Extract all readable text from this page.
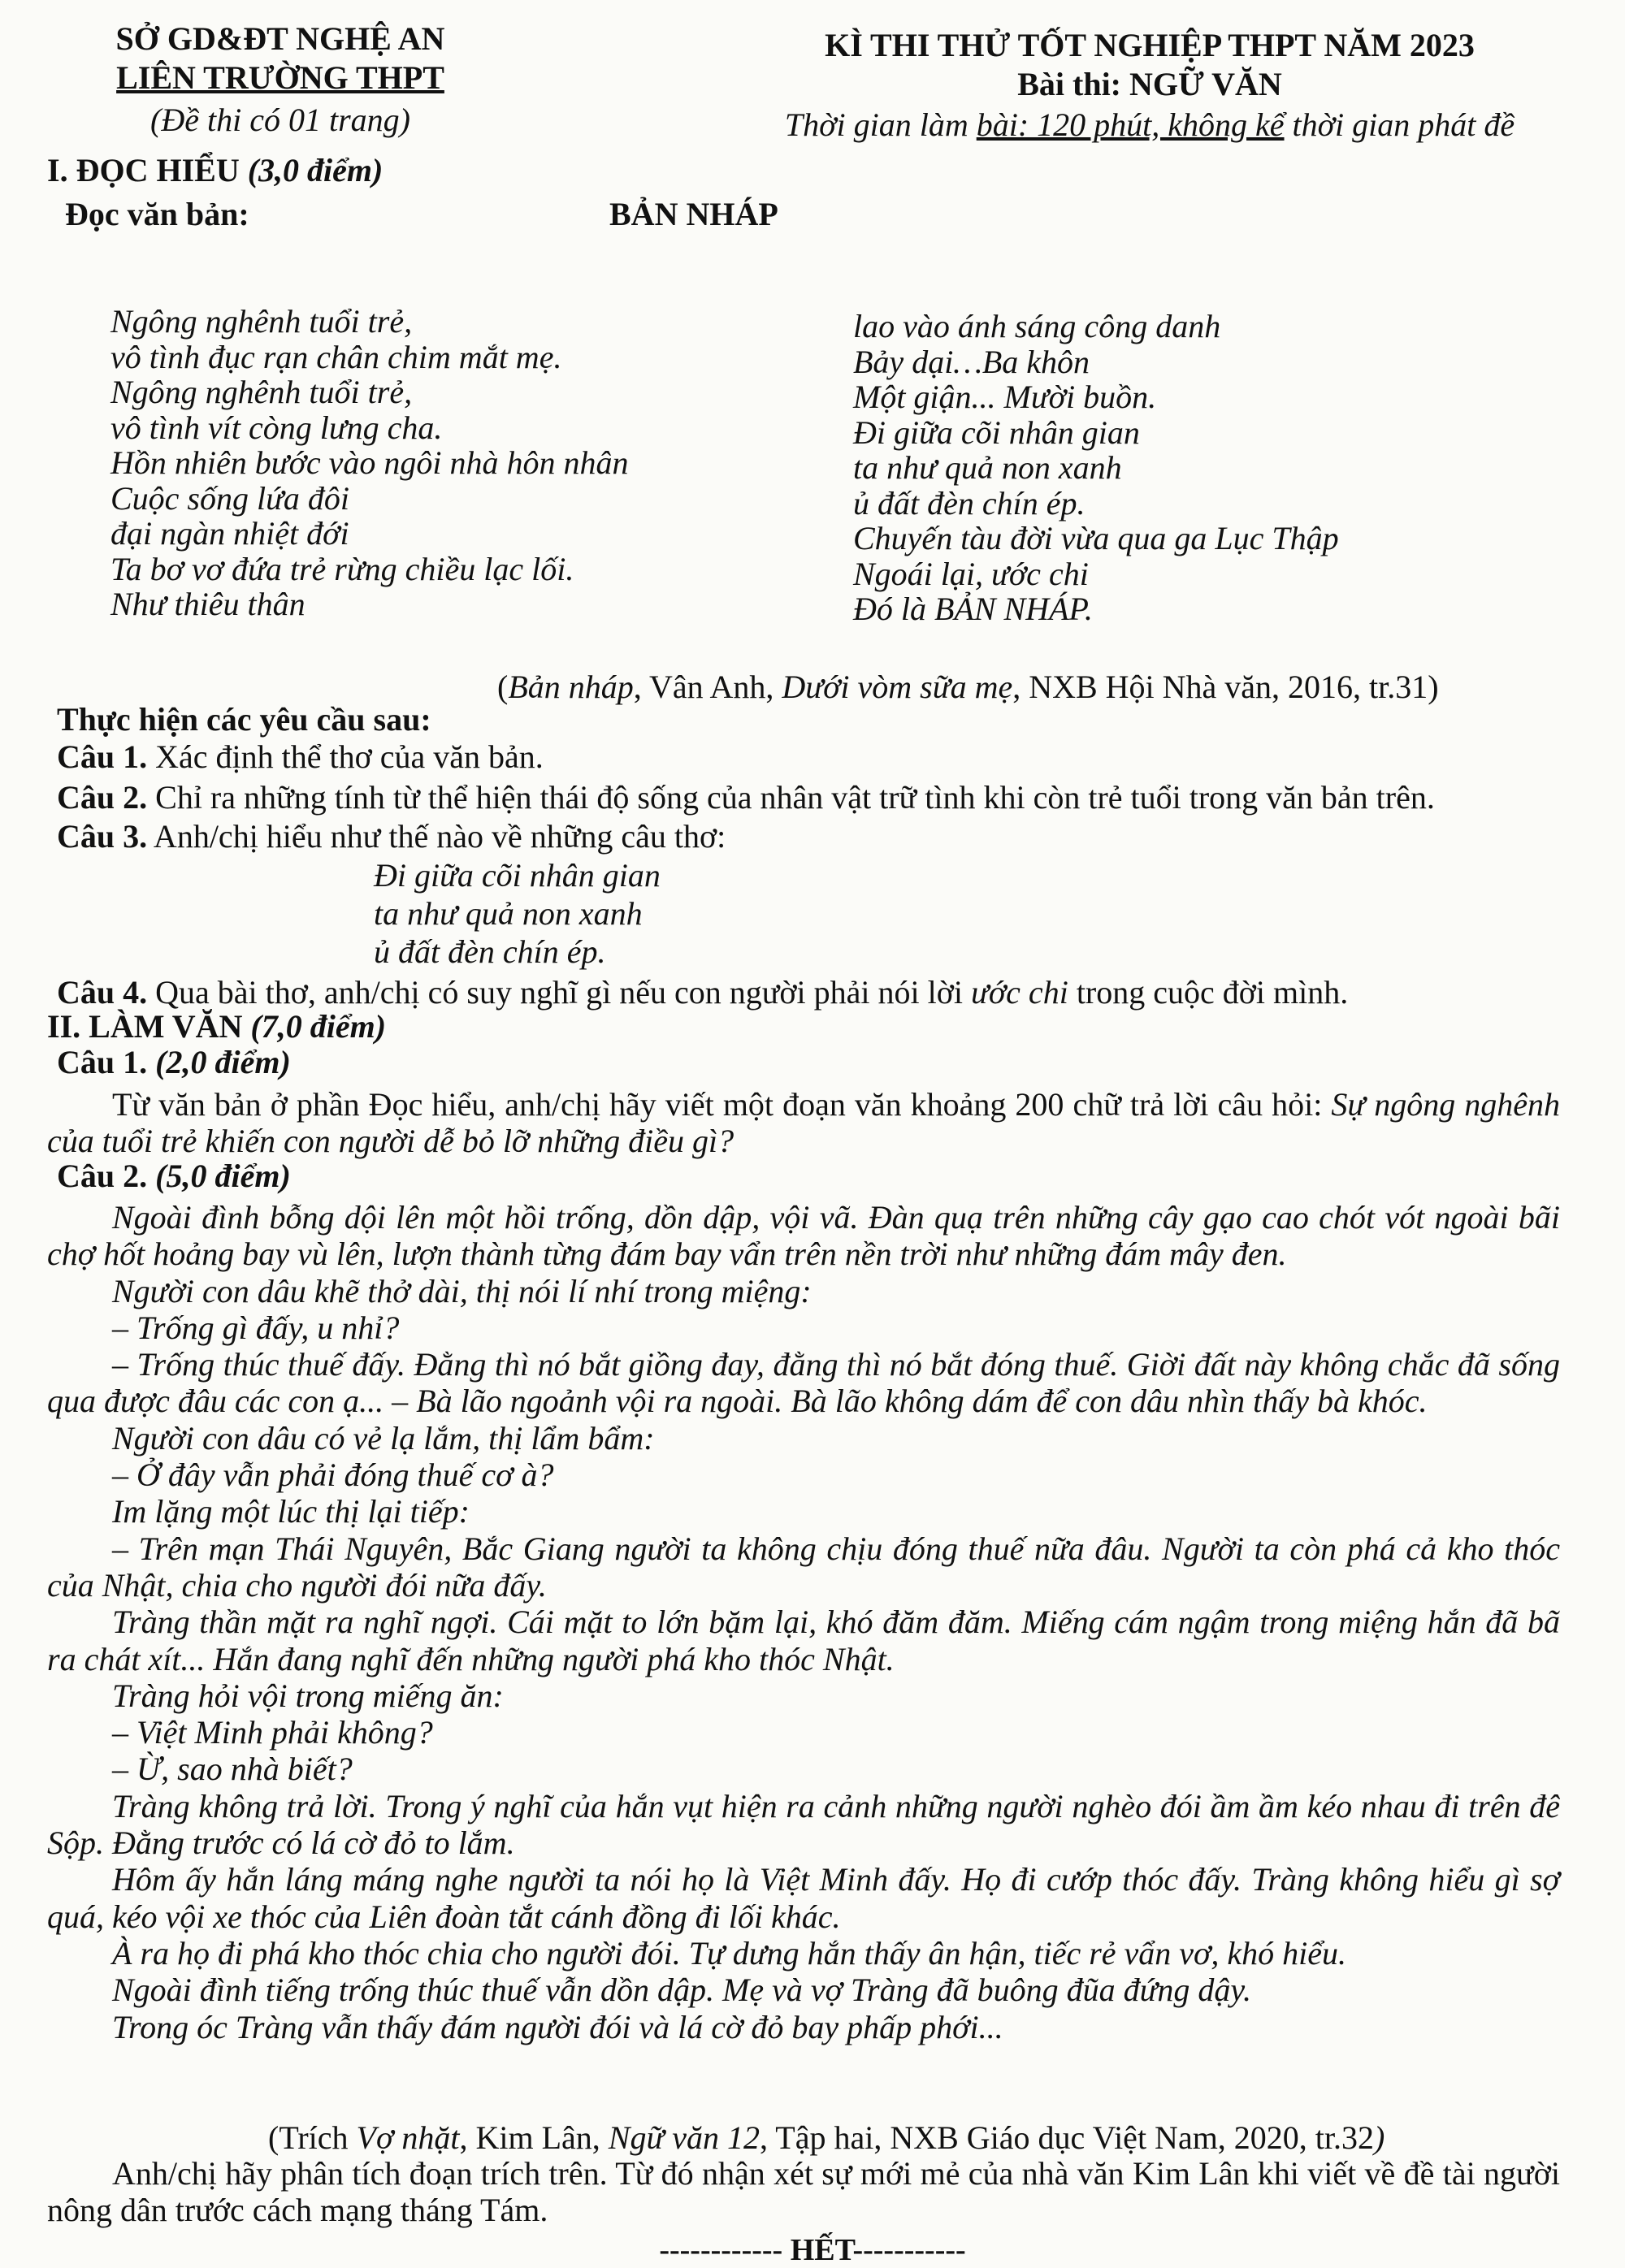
SỞ GD&ĐT NGHỆ AN
LIÊN TRƯỜNG THPT
(Đề thi có 01 trang)
KÌ THI THỬ TỐT NGHIỆP THPT NĂM 2023
Bài thi: NGỮ VĂN
Thời gian làm bài: 120 phút, không kể thời gian phát đề
I. ĐỌC HIỂU (3,0 điểm)
Đọc văn bản:	BẢN NHÁP
Ngông nghênh tuổi trẻ,
vô tình đục rạn chân chim mắt mẹ.
Ngông nghênh tuổi trẻ,
vô tình vít còng lưng cha.
Hồn nhiên bước vào ngôi nhà hôn nhân
Cuộc sống lứa đôi
đại ngàn nhiệt đới
Ta bơ vơ đứa trẻ rừng chiều lạc lối.
Như thiêu thân
lao vào ánh sáng công danh
Bảy dại…Ba khôn
Một giận... Mười buồn.
Đi giữa cõi nhân gian
ta như quả non xanh
ủ đất đèn chín ép.
Chuyến tàu đời vừa qua ga Lục Thập
Ngoái lại, ước chi
Đó là BẢN NHÁP.
(Bản nháp, Vân Anh, Dưới vòm sữa mẹ, NXB Hội Nhà văn, 2016, tr.31)
Thực hiện các yêu cầu sau:
Câu 1. Xác định thể thơ của văn bản.
Câu 2. Chỉ ra những tính từ thể hiện thái độ sống của nhân vật trữ tình khi còn trẻ tuổi trong văn bản trên.
Câu 3. Anh/chị hiểu như thế nào về những câu thơ:
Đi giữa cõi nhân gian
ta như quả non xanh
ủ đất đèn chín ép.
Câu 4. Qua bài thơ, anh/chị có suy nghĩ gì nếu con người phải nói lời ước chi trong cuộc đời mình.
II. LÀM VĂN (7,0 điểm)
Câu 1. (2,0 điểm)
Từ văn bản ở phần Đọc hiểu, anh/chị hãy viết một đoạn văn khoảng 200 chữ trả lời câu hỏi: Sự ngông nghênh của tuổi trẻ khiến con người dễ bỏ lỡ những điều gì?
Câu 2. (5,0 điểm)
Ngoài đình bỗng dội lên một hồi trống, dồn dập, vội vã. Đàn quạ trên những cây gạo cao chót vót ngoài bãi chợ hốt hoảng bay vù lên, lượn thành từng đám bay vẩn trên nền trời như những đám mây đen.
Người con dâu khẽ thở dài, thị nói lí nhí trong miệng:
– Trống gì đấy, u nhỉ?
– Trống thúc thuế đấy. Đằng thì nó bắt giồng đay, đằng thì nó bắt đóng thuế. Giời đất này không chắc đã sống qua được đâu các con ạ... – Bà lão ngoảnh vội ra ngoài. Bà lão không dám để con dâu nhìn thấy bà khóc.
Người con dâu có vẻ lạ lắm, thị lẩm bẩm:
– Ở đây vẫn phải đóng thuế cơ à?
Im lặng một lúc thị lại tiếp:
– Trên mạn Thái Nguyên, Bắc Giang người ta không chịu đóng thuế nữa đâu. Người ta còn phá cả kho thóc của Nhật, chia cho người đói nữa đấy.
Tràng thần mặt ra nghĩ ngợi. Cái mặt to lớn bặm lại, khó đăm đăm. Miếng cám ngậm trong miệng hắn đã bã ra chát xít... Hắn đang nghĩ đến những người phá kho thóc Nhật.
Tràng hỏi vội trong miếng ăn:
– Việt Minh phải không?
– Ừ, sao nhà biết?
Tràng không trả lời. Trong ý nghĩ của hắn vụt hiện ra cảnh những người nghèo đói ầm ầm kéo nhau đi trên đê Sộp. Đằng trước có lá cờ đỏ to lắm.
Hôm ấy hắn láng máng nghe người ta nói họ là Việt Minh đấy. Họ đi cướp thóc đấy. Tràng không hiểu gì sợ quá, kéo vội xe thóc của Liên đoàn tắt cánh đồng đi lối khác.
À ra họ đi phá kho thóc chia cho người đói. Tự dưng hắn thấy ân hận, tiếc rẻ vẩn vơ, khó hiểu.
Ngoài đình tiếng trống thúc thuế vẫn dồn dập. Mẹ và vợ Tràng đã buông đũa đứng dậy.
Trong óc Tràng vẫn thấy đám người đói và lá cờ đỏ bay phấp phới...
(Trích Vợ nhặt, Kim Lân, Ngữ văn 12, Tập hai, NXB Giáo dục Việt Nam, 2020, tr.32)
Anh/chị hãy phân tích đoạn trích trên. Từ đó nhận xét sự mới mẻ của nhà văn Kim Lân khi viết về đề tài người nông dân trước cách mạng tháng Tám.
------------ HẾT-----------
